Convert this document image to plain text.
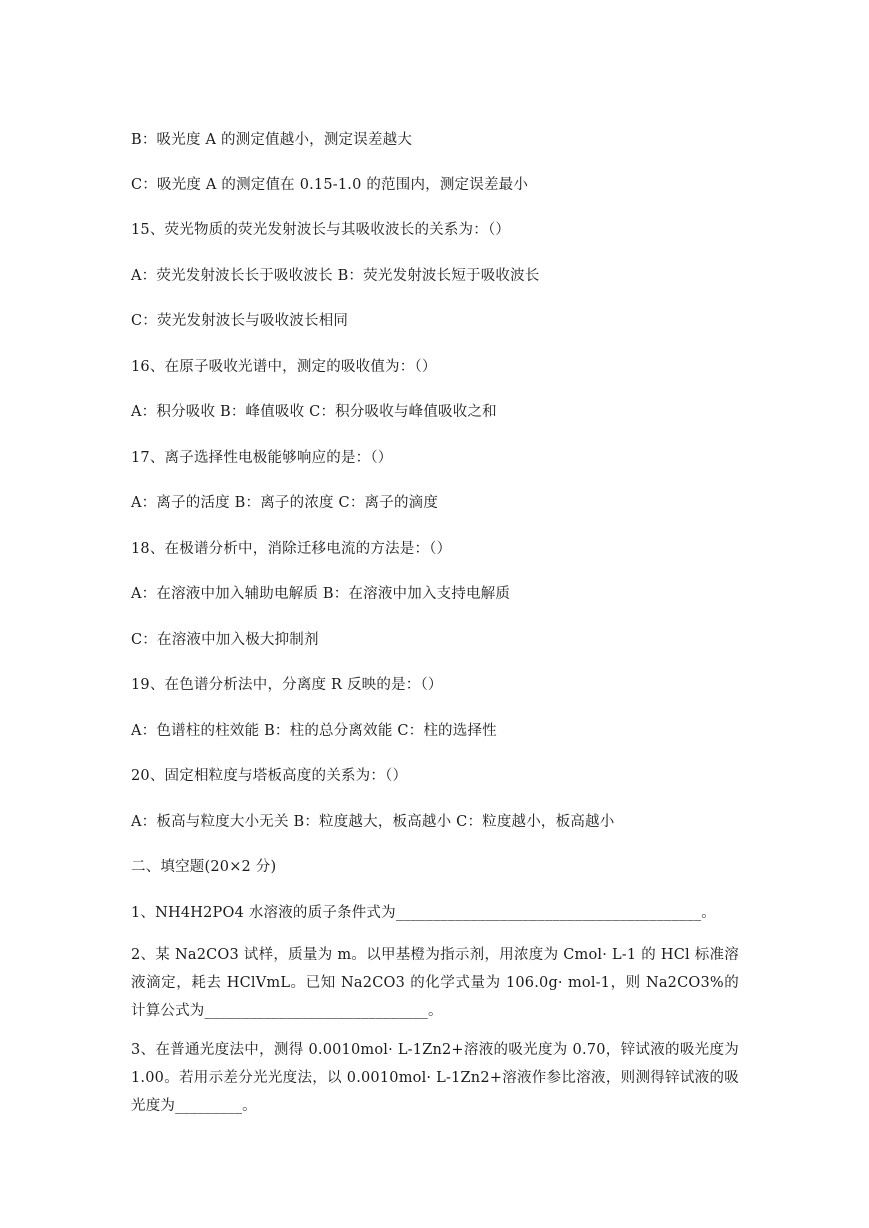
B：吸光度 A 的测定值越小，测定误差越大
C：吸光度 A 的测定值在 0.15-1.0 的范围内，测定误差最小
15、荧光物质的荧光发射波长与其吸收波长的关系为：（）
A：荧光发射波长长于吸收波长 B：荧光发射波长短于吸收波长
C：荧光发射波长与吸收波长相同
16、在原子吸收光谱中，测定的吸收值为：（）
A：积分吸收 B：峰值吸收 C：积分吸收与峰值吸收之和
17、离子选择性电极能够响应的是：（）
A：离子的活度 B：离子的浓度 C：离子的滴度
18、在极谱分析中，消除迁移电流的方法是：（）
A：在溶液中加入辅助电解质 B：在溶液中加入支持电解质
C：在溶液中加入极大抑制剂
19、在色谱分析法中，分离度 R 反映的是：（）
A：色谱柱的柱效能 B：柱的总分离效能 C：柱的选择性
20、固定相粒度与塔板高度的关系为：（）
A：板高与粒度大小无关 B：粒度越大，板高越小 C：粒度越小，板高越小
二、填空题(20×2 分)
1、NH4H2PO4 水溶液的质子条件式为_________________________________________。
2、某 Na2CO3 试样，质量为 m。以甲基橙为指示剂，用浓度为 Cmol· L-1 的 HCl 标准溶液滴定，耗去 HClVmL。已知 Na2CO3 的化学式量为 106.0g· mol-1，则 Na2CO3%的计算公式为______________________________。
3、在普通光度法中，测得 0.0010mol· L-1Zn2+溶液的吸光度为 0.70，锌试液的吸光度为 1.00。若用示差分光光度法，以 0.0010mol· L-1Zn2+溶液作参比溶液，则测得锌试液的吸光度为_________。
